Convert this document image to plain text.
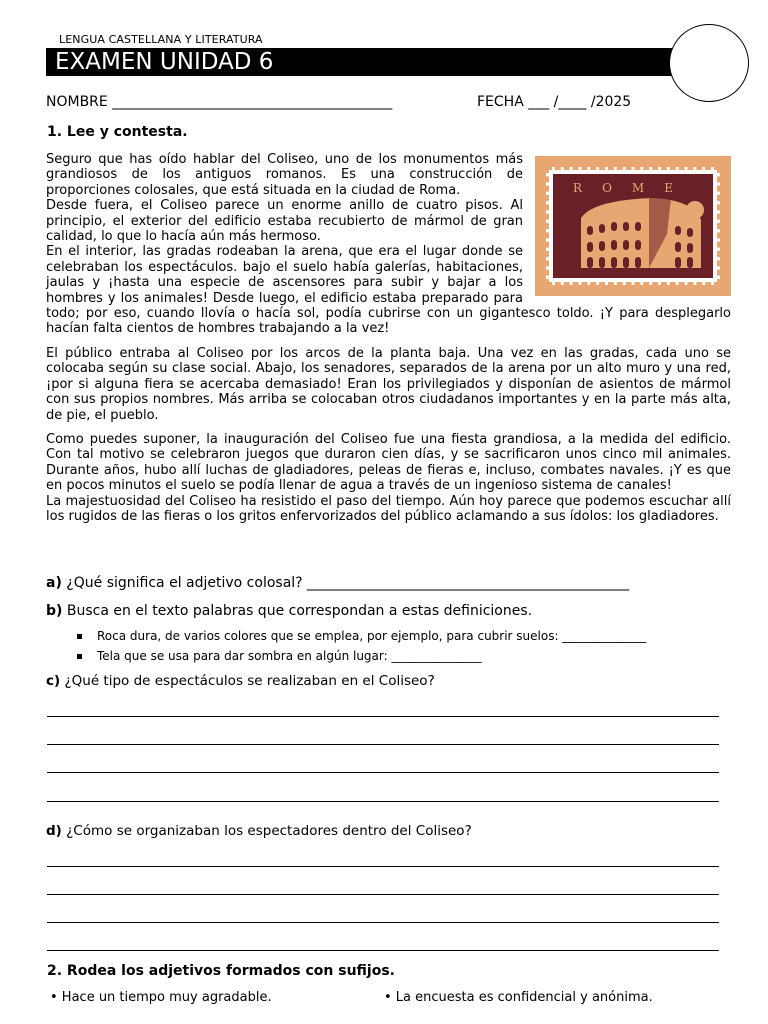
LENGUA CASTELLANA Y LITERATURA
EXAMEN UNIDAD 6
NOMBRE ________________________________________	FECHA ___ /____ /2025
1. Lee y contesta.
ROME

Seguro que has oído hablar del Coliseo, uno de los monumentos más grandiosos de los antiguos romanos. Es una construcción de proporciones colosales, que está situada en la ciudad de Roma.
Desde fuera, el Coliseo parece un enorme anillo de cuatro pisos. Al principio, el exterior del edificio estaba recubierto de mármol de gran calidad, lo que lo hacía aún más hermoso.
En el interior, las gradas rodeaban la arena, que era el lugar donde se celebraban los espectáculos. bajo el suelo había galerías, habitaciones, jaulas y ¡hasta una especie de ascensores para subir y bajar a los hombres y los animales! Desde luego, el edificio estaba preparado para todo; por eso, cuando llovía o hacía sol, podía cubrirse con un gigantesco toldo. ¡Y para desplegarlo hacían falta cientos de hombres trabajando a la vez!

El público entraba al Coliseo por los arcos de la planta baja. Una vez en las gradas, cada uno se colocaba según su clase social. Abajo, los senadores, separados de la arena por un alto muro y una red, ¡por si alguna fiera se acercaba demasiado! Eran los privilegiados y disponían de asientos de mármol con sus propios nombres. Más arriba se colocaban otros ciudadanos importantes y en la parte más alta, de pie, el pueblo.

Como puedes suponer, la inauguración del Coliseo fue una fiesta grandiosa, a la medida del edificio. Con tal motivo se celebraron juegos que duraron cien días, y se sacrificaron unos cinco mil animales. Durante años, hubo allí luchas de gladiadores, peleas de fieras e, incluso, combates navales. ¡Y es que en pocos minutos el suelo se podía llenar de agua a través de un ingenioso sistema de canales!
La majestuosidad del Coliseo ha resistido el paso del tiempo. Aún hoy parece que podemos escuchar allí los rugidos de las fieras o los gritos enfervorizados del público aclamando a sus ídolos: los gladiadores.

a) ¿Qué significa el adjetivo colosal? ______________________________________________
b) Busca en el texto palabras que correspondan a estas definiciones.
Roca dura, de varios colores que se emplea, por ejemplo, para cubrir suelos: ______________
Tela que se usa para dar sombra en algún lugar: _______________
c) ¿Qué tipo de espectáculos se realizaban en el Coliseo?
d) ¿Cómo se organizaban los espectadores dentro del Coliseo?
2. Rodea los adjetivos formados con sufijos.
• Hace un tiempo muy agradable.	• La encuesta es confidencial y anónima.
